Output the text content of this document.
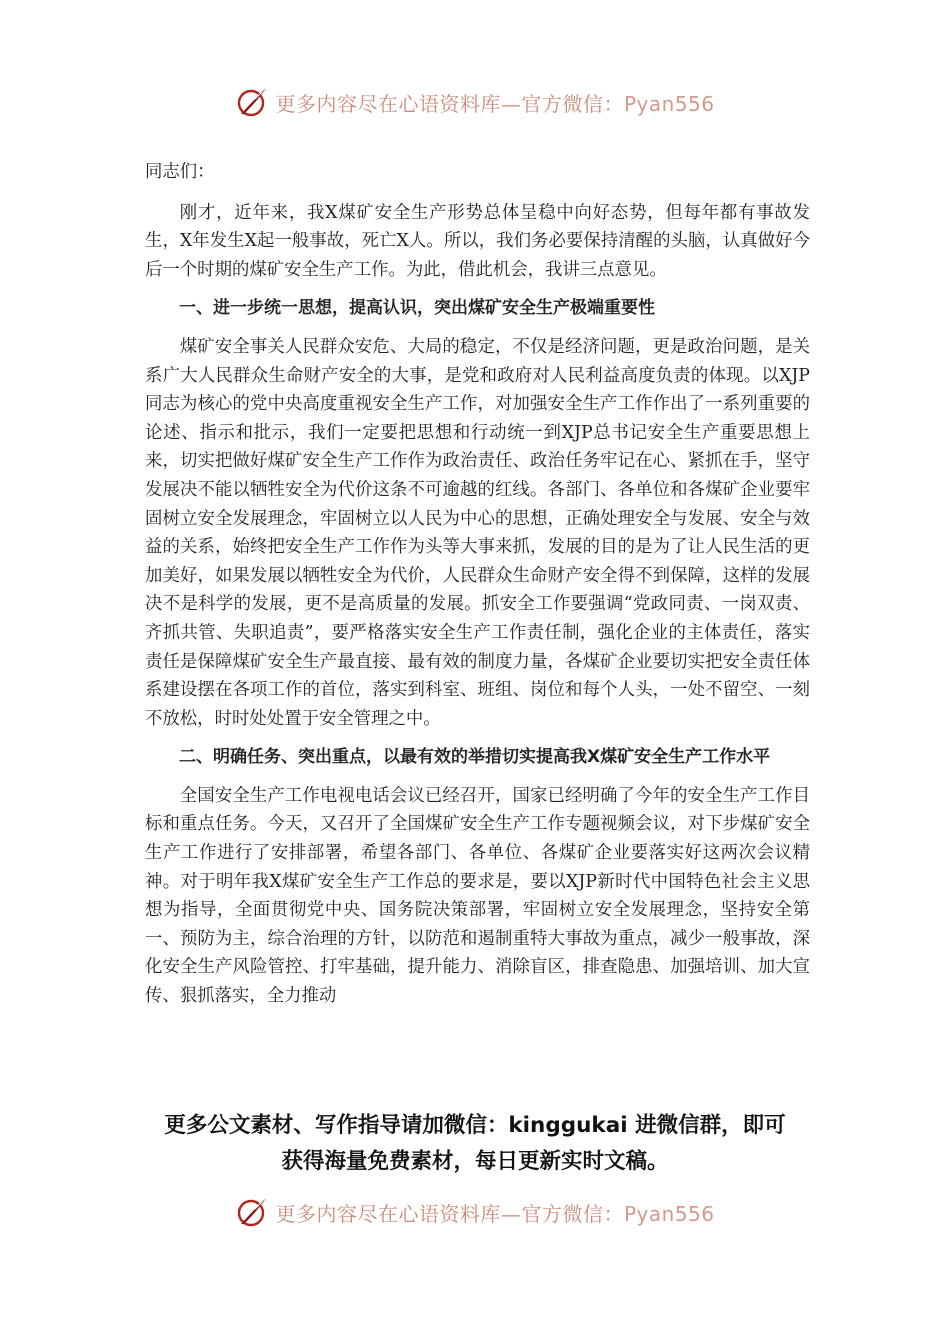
更多内容尽在心语资料库—官方微信：Pyan556

同志们：

刚才，近年来，我X煤矿安全生产形势总体呈稳中向好态势，但每年都有事故发生，X年发生X起一般事故，死亡X人。所以，我们务必要保持清醒的头脑，认真做好今后一个时期的煤矿安全生产工作。为此，借此机会，我讲三点意见。

一、进一步统一思想，提高认识，突出煤矿安全生产极端重要性

煤矿安全事关人民群众安危、大局的稳定，不仅是经济问题，更是政治问题，是关系广大人民群众生命财产安全的大事，是党和政府对人民利益高度负责的体现。以XJP同志为核心的党中央高度重视安全生产工作，对加强安全生产工作作出了一系列重要的论述、指示和批示，我们一定要把思想和行动统一到XJP总书记安全生产重要思想上来，切实把做好煤矿安全生产工作作为政治责任、政治任务牢记在心、紧抓在手，坚守发展决不能以牺牲安全为代价这条不可逾越的红线。各部门、各单位和各煤矿企业要牢固树立安全发展理念，牢固树立以人民为中心的思想，正确处理安全与发展、安全与效益的关系，始终把安全生产工作作为头等大事来抓，发展的目的是为了让人民生活的更加美好，如果发展以牺牲安全为代价，人民群众生命财产安全得不到保障，这样的发展决不是科学的发展，更不是高质量的发展。抓安全工作要强调“党政同责、一岗双责、齐抓共管、失职追责”，要严格落实安全生产工作责任制，强化企业的主体责任，落实责任是保障煤矿安全生产最直接、最有效的制度力量，各煤矿企业要切实把安全责任体系建设摆在各项工作的首位，落实到科室、班组、岗位和每个人头，一处不留空、一刻不放松，时时处处置于安全管理之中。

二、明确任务、突出重点，以最有效的举措切实提高我X煤矿安全生产工作水平

全国安全生产工作电视电话会议已经召开，国家已经明确了今年的安全生产工作目标和重点任务。今天，又召开了全国煤矿安全生产工作专题视频会议，对下步煤矿安全生产工作进行了安排部署，希望各部门、各单位、各煤矿企业要落实好这两次会议精神。对于明年我X煤矿安全生产工作总的要求是，要以XJP新时代中国特色社会主义思想为指导，全面贯彻党中央、国务院决策部署，牢固树立安全发展理念，坚持安全第一、预防为主，综合治理的方针，以防范和遏制重特大事故为重点，减少一般事故，深化安全生产风险管控、打牢基础，提升能力、消除盲区，排查隐患、加强培训、加大宣传、狠抓落实，全力推动

更多公文素材、写作指导请加微信：kinggukai 进微信群，即可
获得海量免费素材，每日更新实时文稿。
更多内容尽在心语资料库—官方微信：Pyan556
